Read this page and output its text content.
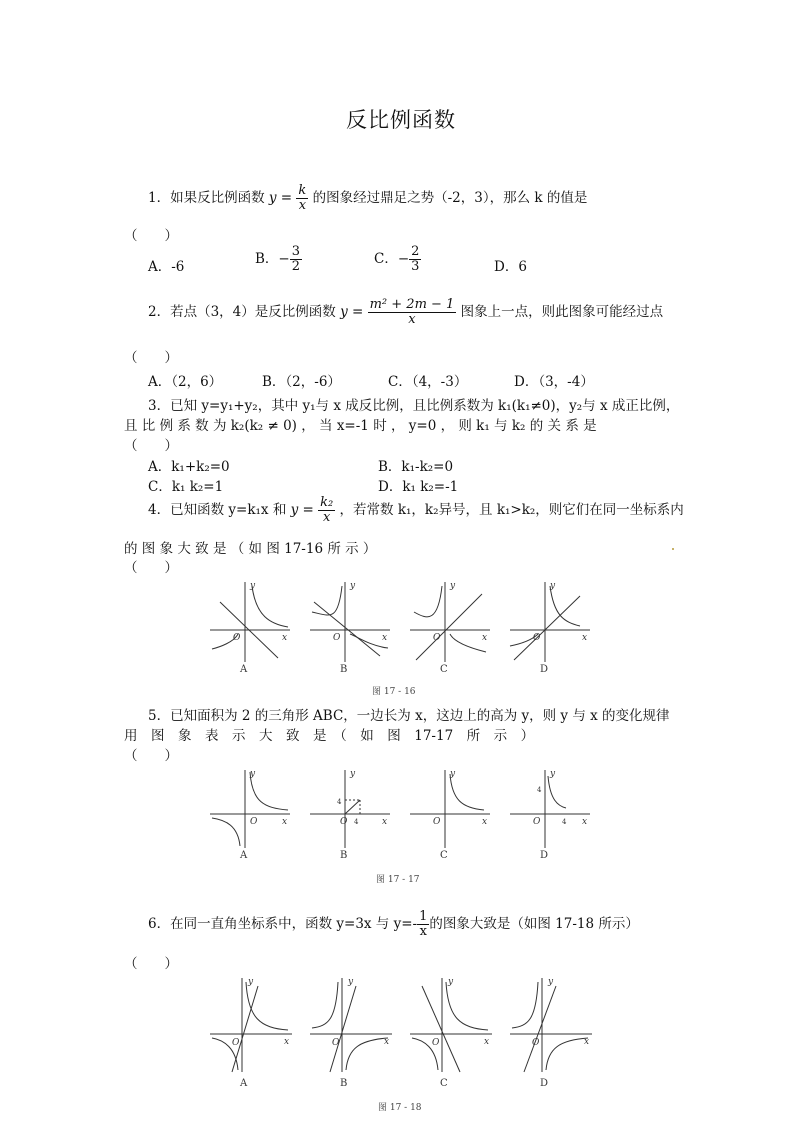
反比例函数
1．如果反比例函数 $y = \frac{k}{x}$ 的图象经过鼎足之势（-2，3），那么 k 的值是
（　　）
A．-6	B．− $\frac{3}{2}$	C．− $\frac{2}{3}$	D．6
2．若点（3，4）是反比例函数 $y = \frac{\text{m² + 2m − 1}}{x}$ 图象上一点，则此图象可能经过点
（　　）
A．（2，6）	B．（2，-6）	C．（4，-3）	D．（3，-4）
3．已知 y=y₁+y₂，其中 y₁与 x 成反比例，且比例系数为 k₁(k₁≠0)，y₂与 x 成正比例，
且 比 例 系 数 为 k₂(k₂ ≠ 0) ， 当 x=-1 时 ， y=0 ， 则 k₁ 与 k₂ 的 关 系 是
（　　）
A．k₁+k₂=0	B．k₁-k₂=0
C．k₁ k₂=1	D．k₁ k₂=-1
4．已知函数 y=k₁x 和 $y = \frac{\text{k₂}}{x}$ ，若常数 k₁，k₂异号，且 k₁>k₂，则它们在同一坐标系内
的 图 象 大 致 是 （ 如 图 17-16 所 示 ）
（　　）
y
x
O
y
x
O
y
x
O
y
x
O
A	B	C	D
图 17 - 16
5．已知面积为 2 的三角形 ABC，一边长为 x，这边上的高为 y，则 y 与 x 的变化规律
用　图　象　表　示　大　致　是　（　如　图　17-17　所　示　）
（　　）
y
x
O
y
x
O
4
4
y
x
O
y
x
O
4
4
A	B	C	D
图 17 - 17
6．在同一直角坐标系中，函数 y=3x 与 $y=- \frac{1}{x}$ 的图象大致是（如图 17-18 所示）
（　　）
y
x
O
y
x
O
y
x
O
y
x
O
A	B	C	D
图 17 - 18
